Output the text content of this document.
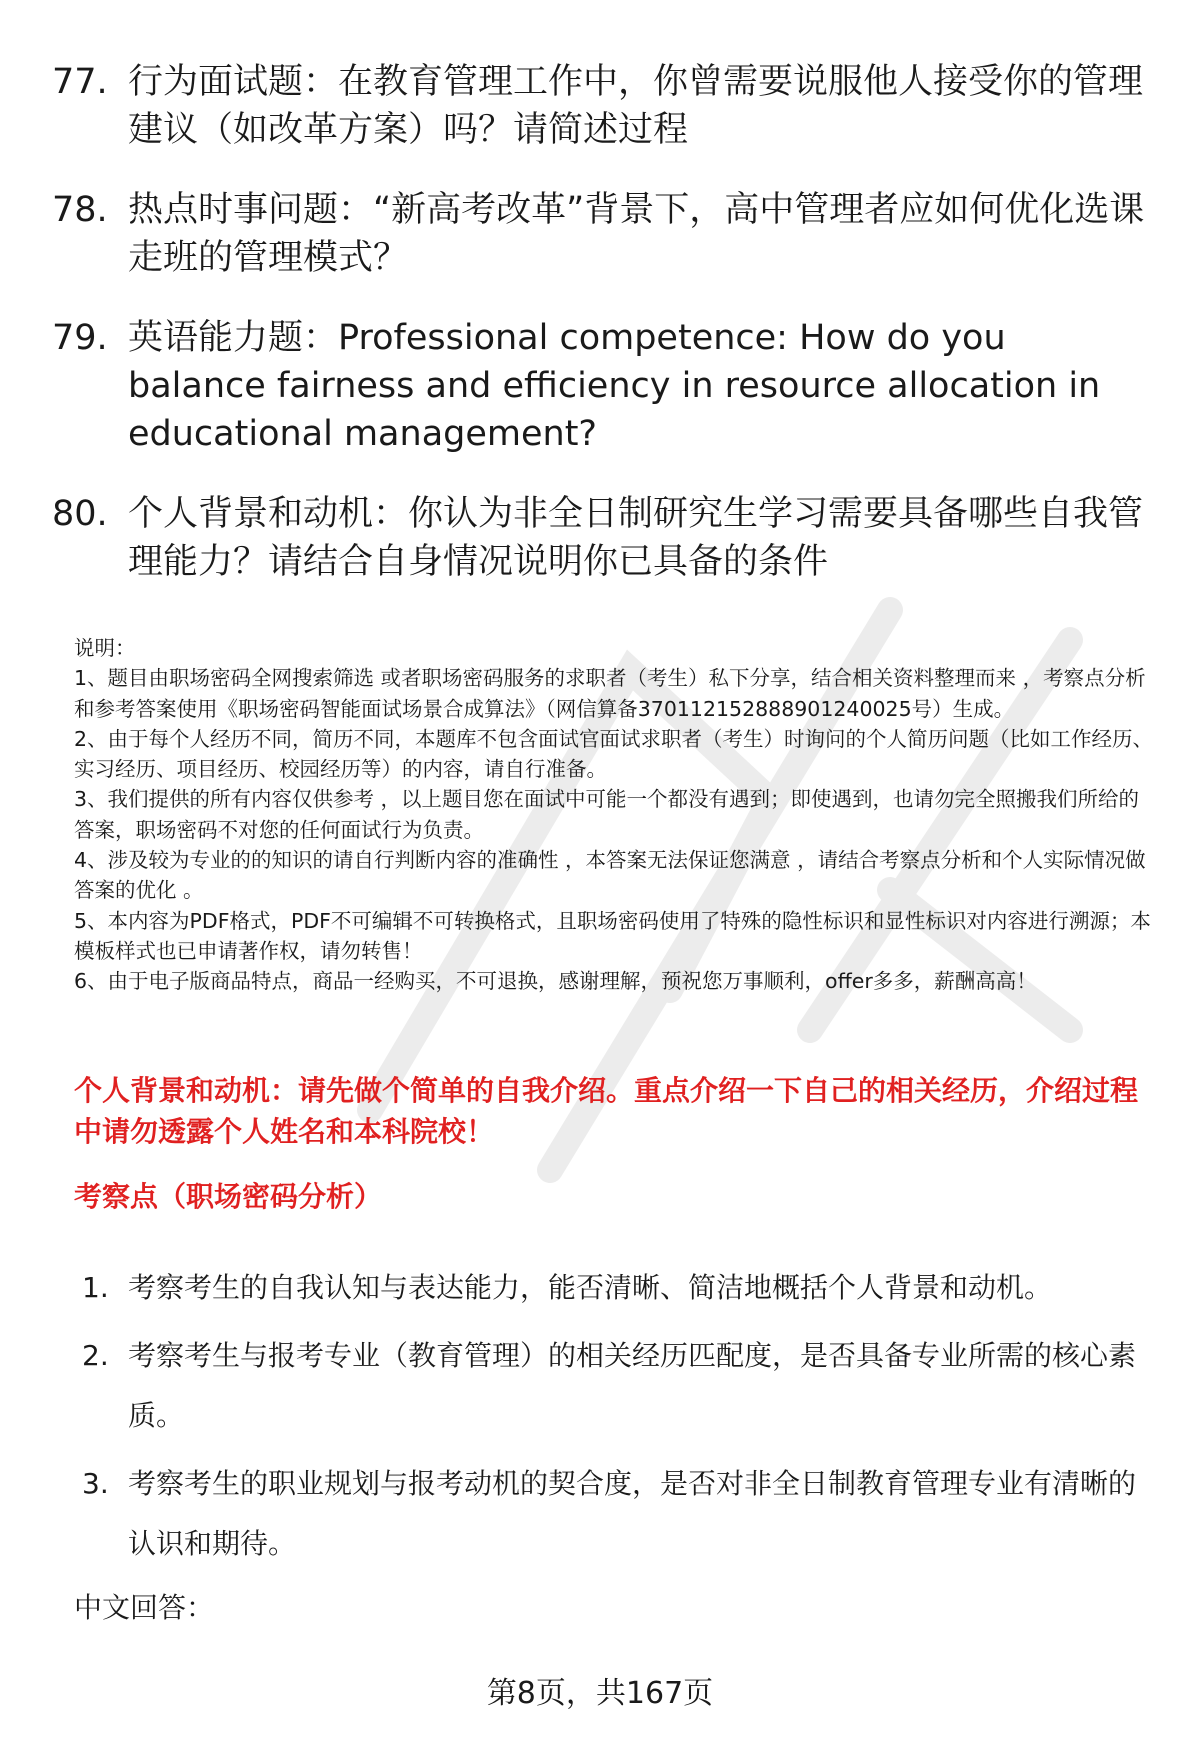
77. 行为面试题：在教育管理工作中，你曾需要说服他人接受你的管理建议（如改革方案）吗？请简述过程
78. 热点时事问题：“新高考改革”背景下，高中管理者应如何优化选课走班的管理模式？
79. 英语能力题：Professional competence: How do you balance fairness and efficiency in resource allocation in educational management?
80. 个人背景和动机：你认为非全日制研究生学习需要具备哪些自我管理能力？请结合自身情况说明你已具备的条件

说明：

1、题目由职场密码全网搜索筛选 或者职场密码服务的求职者（考生）私下分享，结合相关资料整理而来 ，考察点分析和参考答案使用《职场密码智能面试场景合成算法》（网信算备370112152888901240025号）生成。

2、由于每个人经历不同，简历不同，本题库不包含面试官面试求职者（考生）时询问的个人简历问题（比如工作经历、实习经历、项目经历、校园经历等）的内容，请自行准备。

3、我们提供的所有内容仅供参考 ，以上题目您在面试中可能一个都没有遇到；即使遇到，也请勿完全照搬我们所给的答案，职场密码不对您的任何面试行为负责。

4、涉及较为专业的的知识的请自行判断内容的准确性 ，本答案无法保证您满意 ，请结合考察点分析和个人实际情况做答案的优化 。

5、本内容为PDF格式，PDF不可编辑不可转换格式，且职场密码使用了特殊的隐性标识和显性标识对内容进行溯源；本模板样式也已申请著作权，请勿转售！

6、由于电子版商品特点，商品一经购买，不可退换，感谢理解，预祝您万事顺利，offer多多，薪酬高高！

个人背景和动机：请先做个简单的自我介绍。重点介绍一下自己的相关经历，介绍过程中请勿透露个人姓名和本科院校！
考察点（职场密码分析）
1. 考察考生的自我认知与表达能力，能否清晰、简洁地概括个人背景和动机。
2. 考察考生与报考专业（教育管理）的相关经历匹配度，是否具备专业所需的核心素质。
3. 考察考生的职业规划与报考动机的契合度，是否对非全日制教育管理专业有清晰的认识和期待。
中文回答：
第8页，共167页
